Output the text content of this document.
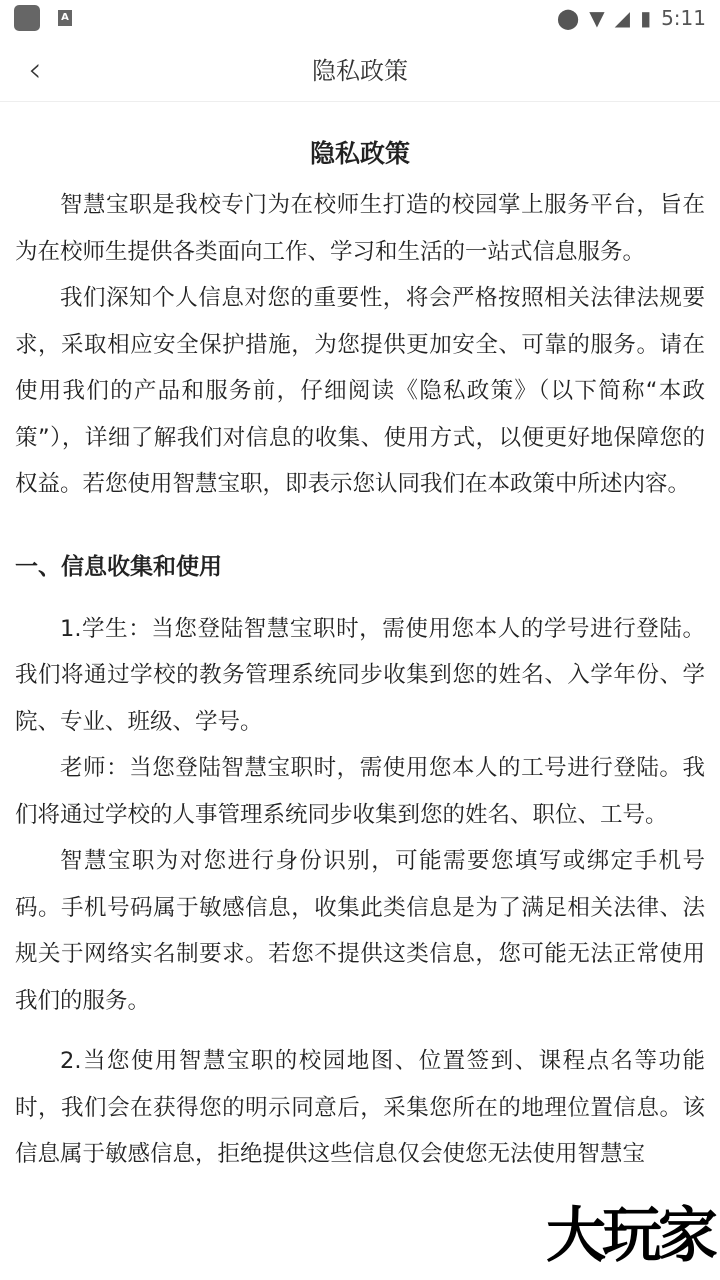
A	⬤ ▼ ◢ ▮ 5:11
‹	隐私政策
隐私政策

智慧宝职是我校专门为在校师生打造的校园掌上服务平台，旨在为在校师生提供各类面向工作、学习和生活的一站式信息服务。

我们深知个人信息对您的重要性，将会严格按照相关法律法规要求，采取相应安全保护措施，为您提供更加安全、可靠的服务。请在使用我们的产品和服务前，仔细阅读《隐私政策》（以下简称“本政策”），详细了解我们对信息的收集、使用方式，以便更好地保障您的权益。若您使用智慧宝职，即表示您认同我们在本政策中所述内容。

一、信息收集和使用

1.学生：当您登陆智慧宝职时，需使用您本人的学号进行登陆。我们将通过学校的教务管理系统同步收集到您的姓名、入学年份、学院、专业、班级、学号。

老师：当您登陆智慧宝职时，需使用您本人的工号进行登陆。我们将通过学校的人事管理系统同步收集到您的姓名、职位、工号。

智慧宝职为对您进行身份识别，可能需要您填写或绑定手机号码。手机号码属于敏感信息，收集此类信息是为了满足相关法律、法规关于网络实名制要求。若您不提供这类信息，您可能无法正常使用我们的服务。

2.当您使用智慧宝职的校园地图、位置签到、课程点名等功能时，我们会在获得您的明示同意后，采集您所在的地理位置信息。该信息属于敏感信息，拒绝提供这些信息仅会使您无法使用智慧宝

大玩家
